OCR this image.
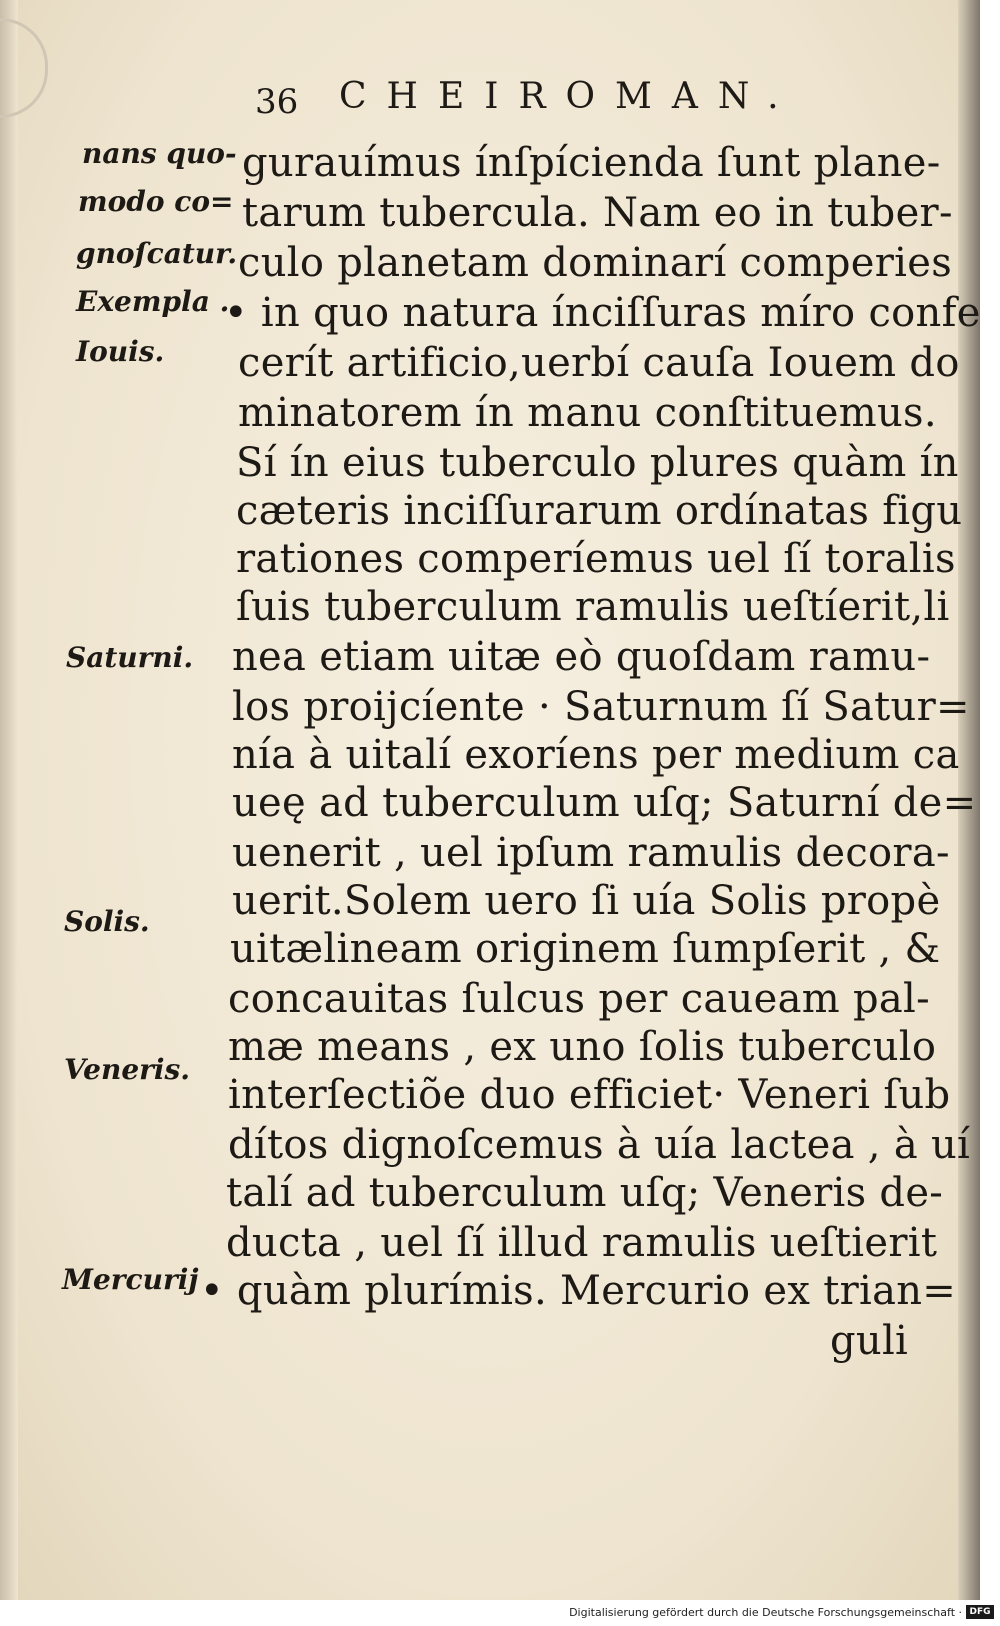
36 CHEIROMAN.
nans quo-
modo co=
gnoſcatur.
Exempla .
Iouis.
Saturni.
Solis.
Veneris.
Mercurij .
gurauímus ínſpícienda ſunt plane-
tarum tubercula. Nam eo in tuber-
culo planetam dominarí comperies
• in quo natura ínciſſuras míro confe
cerít artificio,uerbí cauſa Iouem do
minatorem ín manu conſtituemus.
Sí ín eius tuberculo plures quàm ín
cæteris inciſſurarum ordínatas figu
rationes comperíemus uel ſí toralis
ſuis tuberculum ramulis ueſtíerit,li
nea etiam uitæ eò quoſdam ramu-
los proijcíente · Saturnum ſí Satur=
nía à uitalí exoríens per medium ca
ueę ad tuberculum uſq; Saturní de=
uenerit , uel ipſum ramulis decora-
uerit.Solem uero ſi uía Solis propè
uitælineam originem ſumpſerit , &
concauitas ſulcus per caueam pal-
mæ means , ex uno ſolis tuberculo
interſectiõe duo efficiet· Veneri ſub
dítos dignoſcemus à uía lactea , à uí
talí ad tuberculum uſq; Veneris de-
ducta , uel ſí illud ramulis ueſtierit
• quàm plurímis. Mercurio ex trian=
guli
Digitalisierung gefördert durch die Deutsche Forschungsgemeinschaft · DFG
